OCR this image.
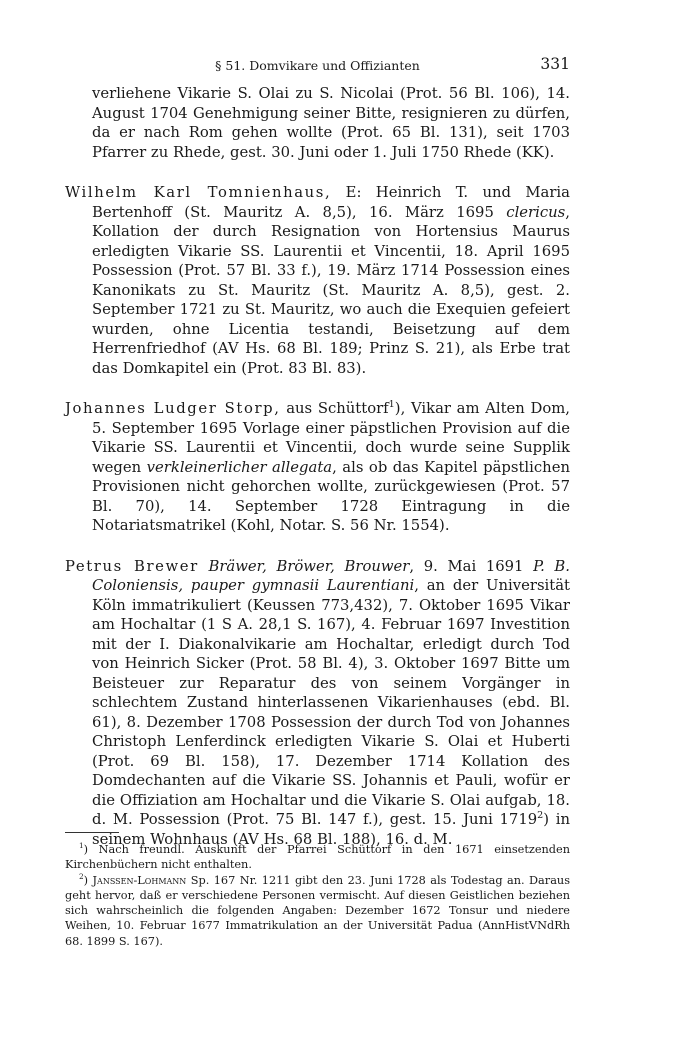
§ 51. Domvikare und Offizianten	331

verliehene Vikarie S. Olai zu S. Nicolai (Prot. 56 Bl. 106), 14. August 1704 Genehmigung seiner Bitte, resignieren zu dürfen, da er nach Rom gehen wollte (Prot. 65 Bl. 131), seit 1703 Pfarrer zu Rhede, gest. 30. Juni oder 1. Juli 1750 Rhede (KK).

Wilhelm Karl Tomnienhaus, E: Heinrich T. und Maria Bertenhoff (St. Mauritz A. 8,5), 16. März 1695 clericus, Kollation der durch Resignation von Hortensius Maurus erledigten Vikarie SS. Laurentii et Vincentii, 18. April 1695 Possession (Prot. 57 Bl. 33 f.), 19. März 1714 Possession eines Kanonikats zu St. Mauritz (St. Mauritz A. 8,5), gest. 2. September 1721 zu St. Mauritz, wo auch die Exequien gefeiert wurden, ohne Licentia testandi, Beisetzung auf dem Herrenfriedhof (AV Hs. 68 Bl. 189; Prinz S. 21), als Erbe trat das Domkapitel ein (Prot. 83 Bl. 83).

Johannes Ludger Storp, aus Schüttorf$^1$), Vikar am Alten Dom, 5. September 1695 Vorlage einer päpstlichen Provision auf die Vikarie SS. Laurentii et Vincentii, doch wurde seine Supplik wegen verkleinerlicher allegata, als ob das Kapitel päpstlichen Provisionen nicht gehorchen wollte, zurückgewiesen (Prot. 57 Bl. 70), 14. September 1728 Eintragung in die Notariatsmatrikel (Kohl, Notar. S. 56 Nr. 1554).

Petrus Brewer Bräwer, Bröwer, Brouwer, 9. Mai 1691 P. B. Coloniensis, pauper gymnasii Laurentiani, an der Universität Köln immatrikuliert (Keussen 773,432), 7. Oktober 1695 Vikar am Hochaltar (1 S A. 28,1 S. 167), 4. Februar 1697 Investition mit der I. Diakonalvikarie am Hochaltar, erledigt durch Tod von Heinrich Sicker (Prot. 58 Bl. 4), 3. Oktober 1697 Bitte um Beisteuer zur Reparatur des von seinem Vorgänger in schlechtem Zustand hinterlassenen Vikarienhauses (ebd. Bl. 61), 8. Dezember 1708 Possession der durch Tod von Johannes Christoph Lenferdinck erledigten Vikarie S. Olai et Huberti (Prot. 69 Bl. 158), 17. Dezember 1714 Kollation des Domdechanten auf die Vikarie SS. Johannis et Pauli, wofür er die Offiziation am Hochaltar und die Vikarie S. Olai aufgab, 18. d. M. Possession (Prot. 75 Bl. 147 f.), gest. 15. Juni 1719$^2$) in seinem Wohnhaus (AV Hs. 68 Bl. 188), 16. d. M.

$^1$) Nach freundl. Auskunft der Pfarrei Schüttorf in den 1671 einsetzenden Kirchenbüchern nicht enthalten.

$^2$) Janssen-Lohmann Sp. 167 Nr. 1211 gibt den 23. Juni 1728 als Todestag an. Daraus geht hervor, daß er verschiedene Personen vermischt. Auf diesen Geistlichen beziehen sich wahrscheinlich die folgenden Angaben: Dezember 1672 Tonsur und niedere Weihen, 10. Februar 1677 Immatrikulation an der Universität Padua (AnnHistVNdRh 68. 1899 S. 167).
